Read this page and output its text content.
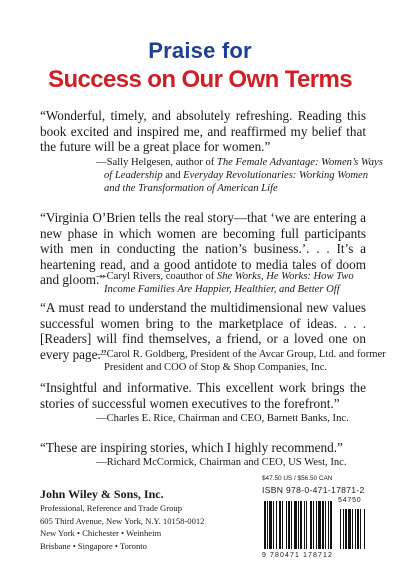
Praise for
Success on Our Own Terms
“Wonderful, timely, and absolutely refreshing. Reading this book excited and inspired me, and reaffirmed my belief that the future will be a great place for women.”
—Sally Helgesen, author of The Female Advantage: Women’s Ways of Leadership and Everyday Revolutionaries: Working Women and the Transformation of American Life
“Virginia O’Brien tells the real story—that ‘we are entering a new phase in which women are becoming full participants with men in conducting the nation’s business.’. . . It’s a heartening read, and a good antidote to media tales of doom and gloom.”
—Caryl Rivers, coauthor of She Works, He Works: How Two Income Families Are Happier, Healthier, and Better Off
“A must read to understand the multidimensional new values successful women bring to the marketplace of ideas. . . . [Readers] will find themselves, a friend, or a loved one on every page.”
—Carol R. Goldberg, President of the Avcar Group, Ltd. and former President and COO of Stop & Shop Companies, Inc.
“Insightful and informative. This excellent work brings the stories of successful women executives to the forefront.”
—Charles E. Rice, Chairman and CEO, Barnett Banks, Inc.
“These are inspiring stories, which I highly recommend.”
—Richard McCormick, Chairman and CEO, US West, Inc.
John Wiley & Sons, Inc.
Professional, Reference and Trade Group
605 Third Avenue, New York, N.Y. 10158-0012
New York • Chichester • Weinheim
Brisbane • Singapore • Toronto
$47.50 US / $56.50 CAN
ISBN 978-0-471-17871-2
54750
9 780471 178712
